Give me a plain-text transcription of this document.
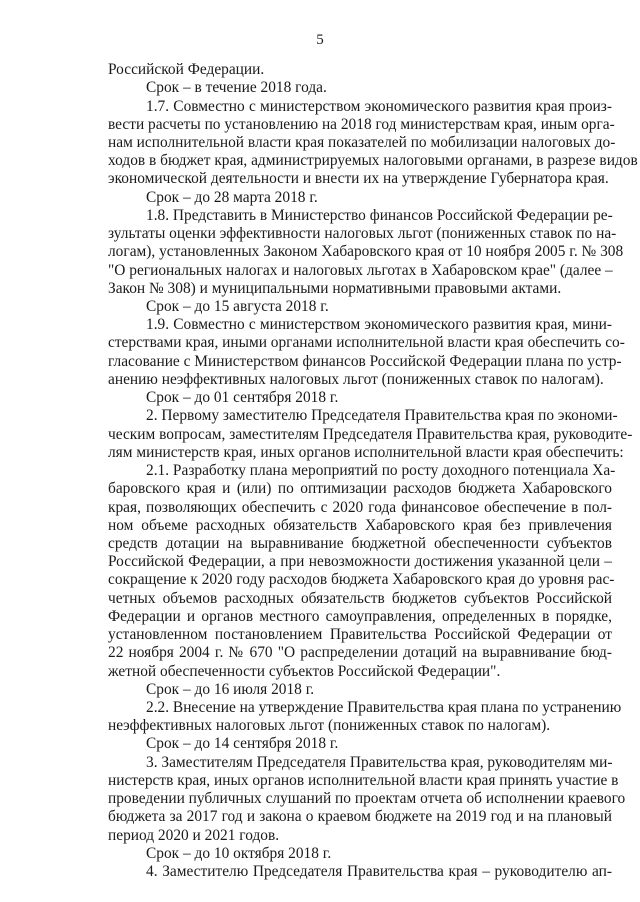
5
Российской Федерации.
Срок – в течение 2018 года.
1.7. Совместно с министерством экономического развития края произ-
вести расчеты по установлению на 2018 год министерствам края, иным орга-
нам исполнительной власти края показателей по мобилизации налоговых до-
ходов в бюджет края, администрируемых налоговыми органами, в разрезе видов
экономической деятельности и внести их на утверждение Губернатора края.
Срок – до 28 марта 2018 г.
1.8. Представить в Министерство финансов Российской Федерации ре-
зультаты оценки эффективности налоговых льгот (пониженных ставок по на-
логам), установленных Законом Хабаровского края от 10 ноября 2005 г. № 308
"О региональных налогах и налоговых льготах в Хабаровском крае" (далее –
Закон № 308) и муниципальными нормативными правовыми актами.
Срок – до 15 августа 2018 г.
1.9. Совместно с министерством экономического развития края, мини-
стерствами края, иными органами исполнительной власти края обеспечить со-
гласование с Министерством финансов Российской Федерации плана по устр-
анению неэффективных налоговых льгот (пониженных ставок по налогам).
Срок – до 01 сентября 2018 г.
2. Первому заместителю Председателя Правительства края по экономи-
ческим вопросам, заместителям Председателя Правительства края, руководите-
лям министерств края, иных органов исполнительной власти края обеспечить:
2.1. Разработку плана мероприятий по росту доходного потенциала Ха-
баровского края и (или) по оптимизации расходов бюджета Хабаровского
края, позволяющих обеспечить с 2020 года финансовое обеспечение в пол-
ном объеме расходных обязательств Хабаровского края без привлечения
средств дотации на выравнивание бюджетной обеспеченности субъектов
Российской Федерации, а при невозможности достижения указанной цели –
сокращение к 2020 году расходов бюджета Хабаровского края до уровня рас-
четных объемов расходных обязательств бюджетов субъектов Российской
Федерации и органов местного самоуправления, определенных в порядке,
установленном постановлением Правительства Российской Федерации от
22 ноября 2004 г. № 670 "О распределении дотаций на выравнивание бюд-
жетной обеспеченности субъектов Российской Федерации".
Срок – до 16 июля 2018 г.
2.2. Внесение на утверждение Правительства края плана по устранению
неэффективных налоговых льгот (пониженных ставок по налогам).
Срок – до 14 сентября 2018 г.
3. Заместителям Председателя Правительства края, руководителям ми-
нистерств края, иных органов исполнительной власти края принять участие в
проведении публичных слушаний по проектам отчета об исполнении краевого
бюджета за 2017 год и закона о краевом бюджете на 2019 год и на плановый
период 2020 и 2021 годов.
Срок – до 10 октября 2018 г.
4. Заместителю Председателя Правительства края – руководителю ап-
